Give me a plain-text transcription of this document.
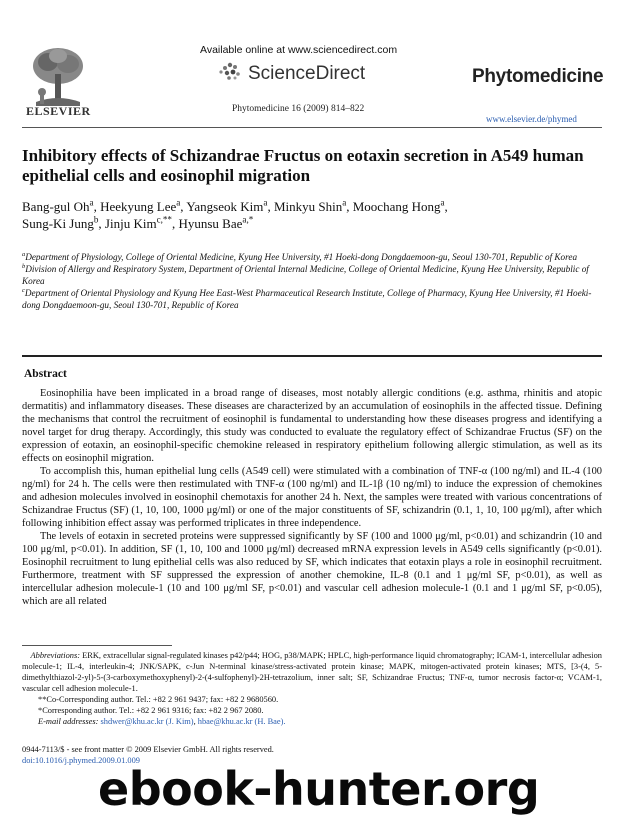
ELSEVIER
Available online at www.sciencedirect.com
ScienceDirect
Phytomedicine 16 (2009) 814–822
Phytomedicine
www.elsevier.de/phymed
Inhibitory effects of Schizandrae Fructus on eotaxin secretion in A549 human epithelial cells and eosinophil migration
Bang-gul Oh$^a$, Heekyung Lee$^a$, Yangseok Kim$^a$, Minkyu Shin$^a$, Moochang Hong$^a$,
Sung-Ki Jung$^b$, Jinju Kim$^{c,**}$, Hyunsu Bae$^{a,*}$

$^a$Department of Physiology, College of Oriental Medicine, Kyung Hee University, #1 Hoeki-dong Dongdaemoon-gu, Seoul 130-701, Republic of Korea

$^b$Division of Allergy and Respiratory System, Department of Oriental Internal Medicine, College of Oriental Medicine, Kyung Hee University, Republic of Korea

$^c$Department of Oriental Physiology and Kyung Hee East-West Pharmaceutical Research Institute, College of Pharmacy, Kyung Hee University, #1 Hoeki-dong Dongdaemoon-gu, Seoul 130-701, Republic of Korea

Abstract

Eosinophilia have been implicated in a broad range of diseases, most notably allergic conditions (e.g. asthma, rhinitis and atopic dermatitis) and inflammatory diseases. These diseases are characterized by an accumulation of eosinophils in the affected tissue. Defining the mechanisms that control the recruitment of eosinophil is fundamental to understanding how these diseases progress and identifying a novel target for drug therapy. Accordingly, this study was conducted to evaluate the regulatory effect of Schizandrae Fructus (SF) on the expression of eotaxin, an eosinophil-specific chemokine released in respiratory epithelium following allergic stimulation, as well as its effects on eosinophil migration.

To accomplish this, human epithelial lung cells (A549 cell) were stimulated with a combination of TNF-α (100 ng/ml) and IL-4 (100 ng/ml) for 24 h. The cells were then restimulated with TNF-α (100 ng/ml) and IL-1β (10 ng/ml) to induce the expression of chemokines and adhesion molecules involved in eosinophil chemotaxis for another 24 h. Next, the samples were treated with various concentrations of Schizandrae Fructus (SF) (1, 10, 100, 1000 μg/ml) or one of the major constituents of SF, schizandrin (0.1, 1, 10, 100 μg/ml), after which following inhibition effect assay was performed triplicates in three independence.

The levels of eotaxin in secreted proteins were suppressed significantly by SF (100 and 1000 μg/ml, p<0.01) and schizandrin (10 and 100 μg/ml, p<0.01). In addition, SF (1, 10, 100 and 1000 μg/ml) decreased mRNA expression levels in A549 cells significantly (p<0.01). Eosinophil recruitment to lung epithelial cells was also reduced by SF, which indicates that eotaxin plays a role in eosinophil recruitment. Furthermore, treatment with SF suppressed the expression of another chemokine, IL-8 (0.1 and 1 μg/ml SF, p<0.01), as well as intercellular adhesion molecule-1 (10 and 100 μg/ml SF, p<0.01) and vascular cell adhesion molecule-1 (0.1 and 1 μg/ml SF, p<0.05), which are all related

Abbreviations: ERK, extracellular signal-regulated kinases p42/p44; HOG, p38/MAPK; HPLC, high-performance liquid chromatography; ICAM-1, intercellular adhesion molecule-1; IL-4, interleukin-4; JNK/SAPK, c-Jun N-terminal kinase/stress-activated protein kinase; MAPK, mitogen-activated protein kinases; MTS, [3-(4, 5-dimethylthiazol-2-yl)-5-(3-carboxymethoxyphenyl)-2-(4-sulfophenyl)-2H-tetrazolium, inner salt; SF, Schizandrae Fructus; TNF-α, tumor necrosis factor-α; VCAM-1, vascular cell adhesion molecule-1.

**Co-Corresponding author. Tel.: +82 2 961 9437; fax: +82 2 9680560.

*Corresponding author. Tel.: +82 2 961 9316; fax: +82 2 967 2080.

E-mail addresses: shdwer@khu.ac.kr (J. Kim), hbae@khu.ac.kr (H. Bae).

0944-7113/$ - see front matter © 2009 Elsevier GmbH. All rights reserved.
doi:10.1016/j.phymed.2009.01.009
ebook-hunter.org
